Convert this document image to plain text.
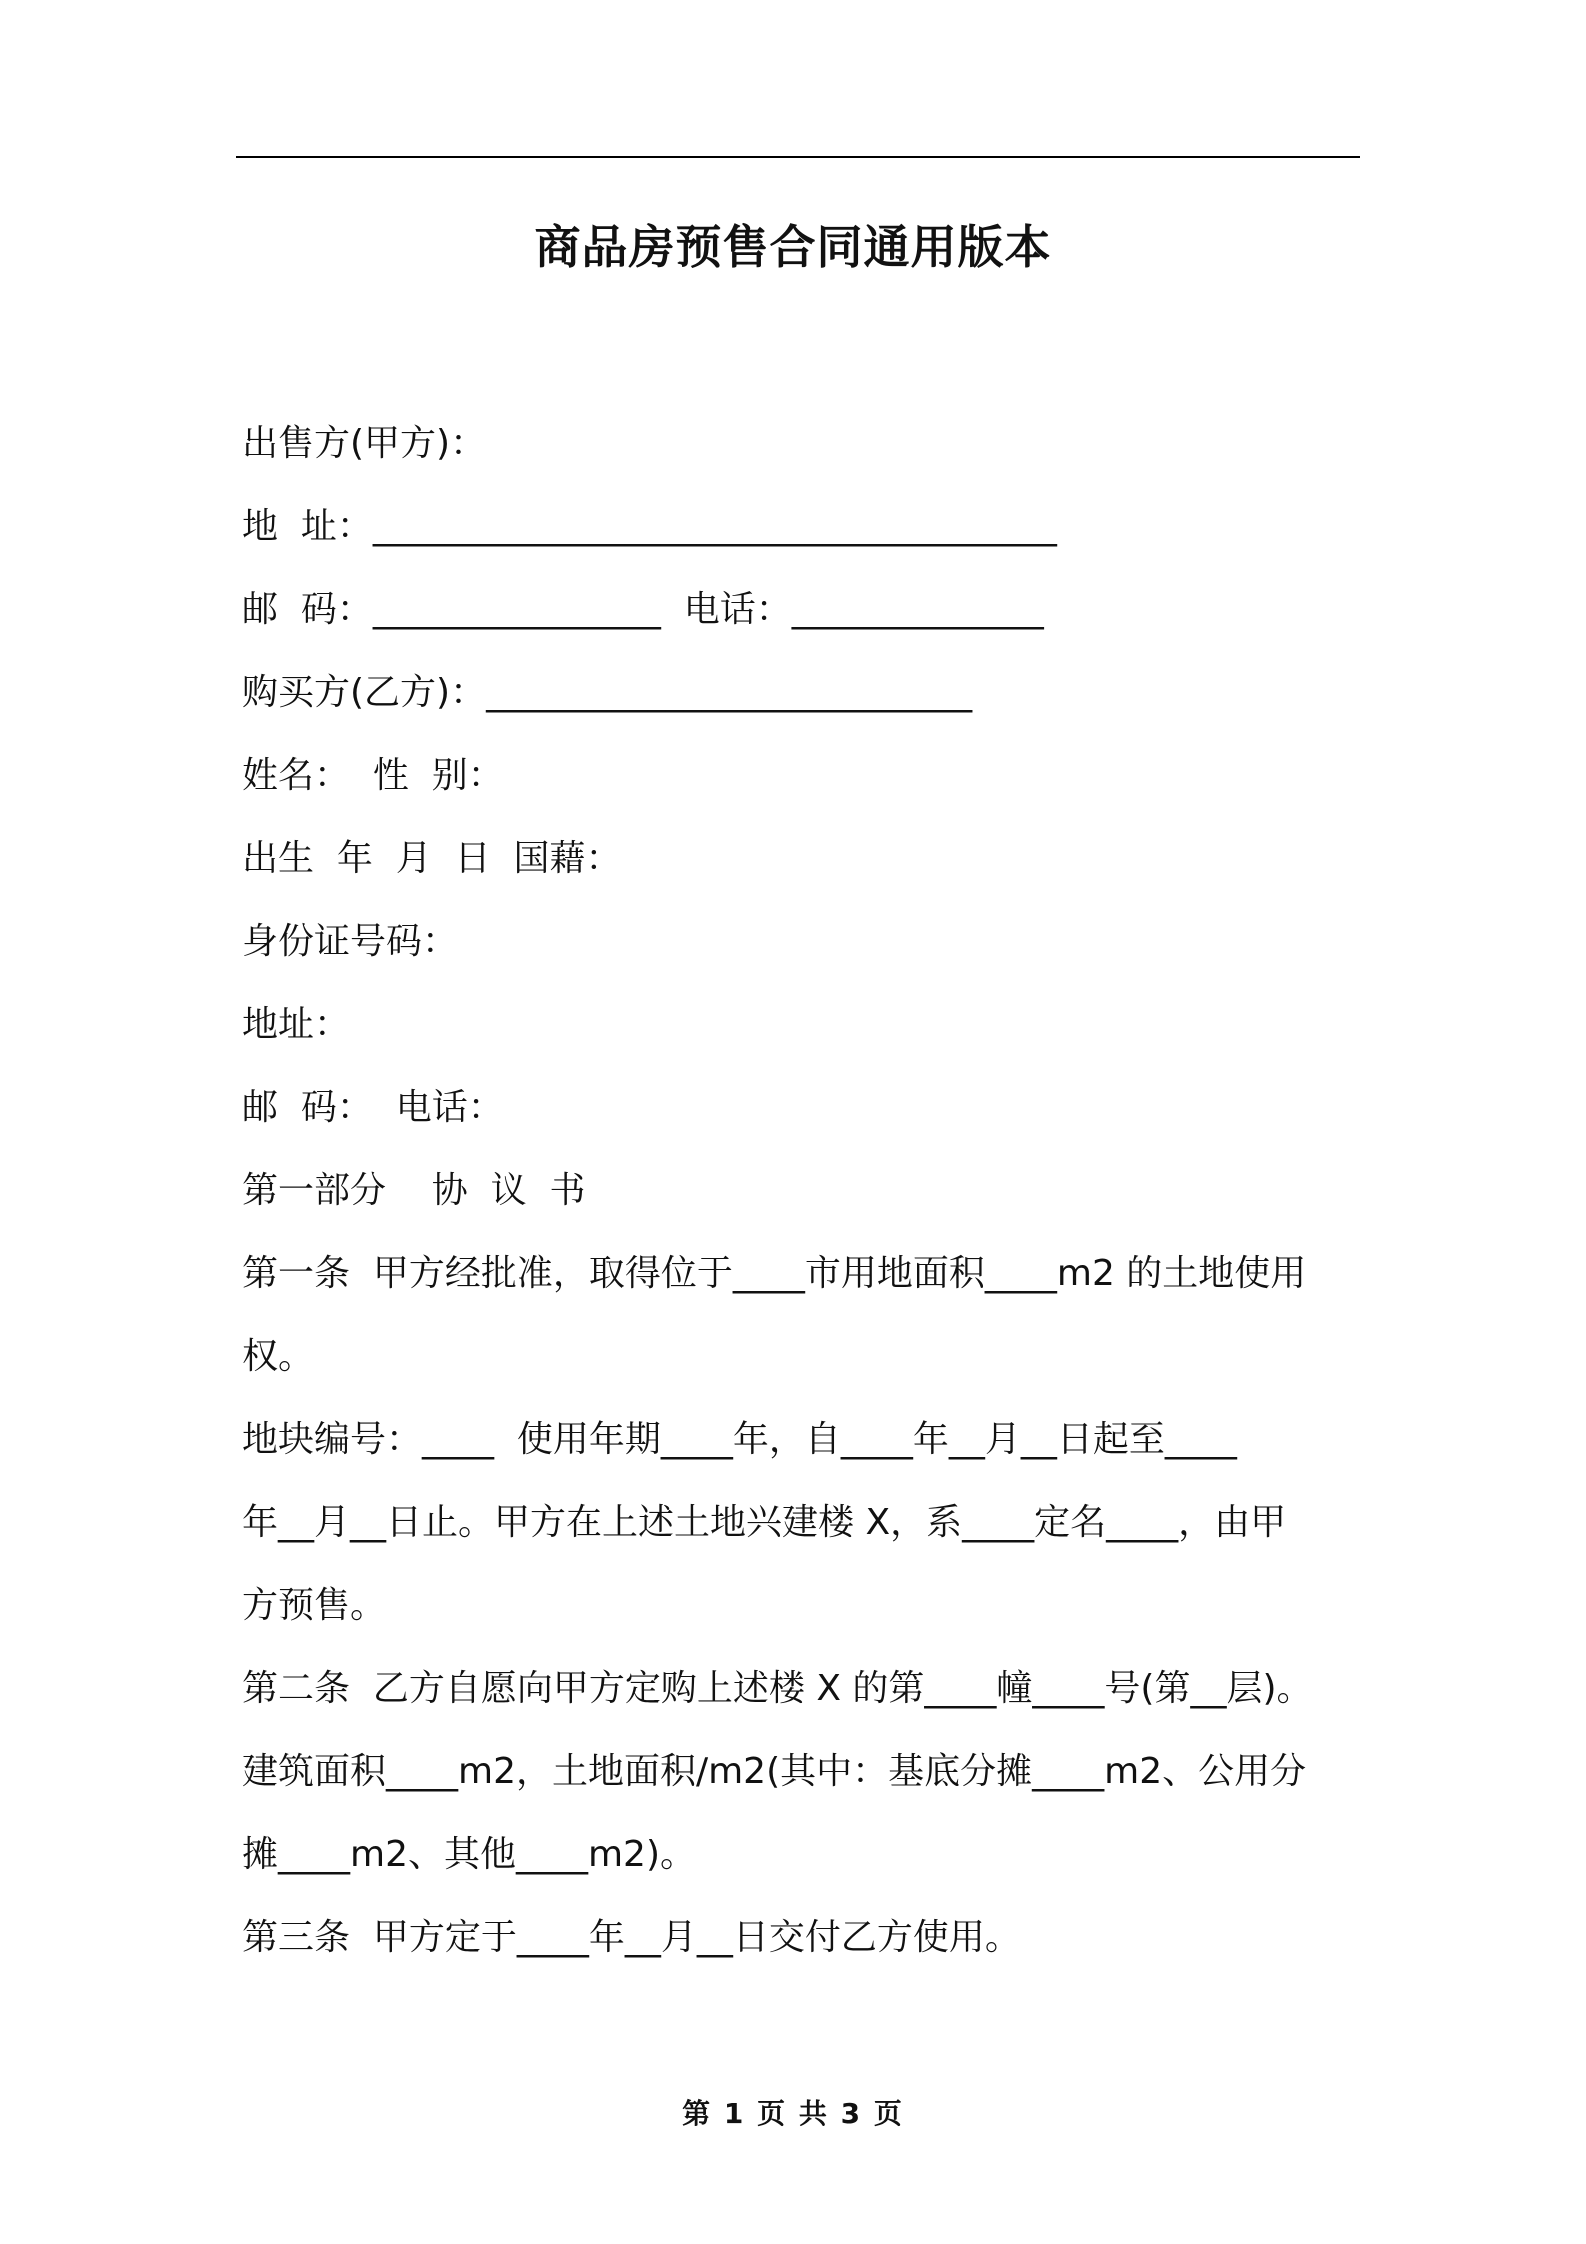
商品房预售合同通用版本

出售方(甲方)：

地  址：______________________________________

邮  码：________________  电话：______________

购买方(乙方)：___________________________

姓名：  性  别：

出生  年  月  日  国藉：

身份证号码：

地址：

邮  码：  电话：

第一部分    协  议  书

第一条  甲方经批准，取得位于____市用地面积____m2 的土地使用

权。

地块编号：____  使用年期____年，自____年__月__日起至____

年__月__日止。甲方在上述土地兴建楼 X，系____定名____，由甲

方预售。

第二条  乙方自愿向甲方定购上述楼 X 的第____幢____号(第__层)。

建筑面积____m2，土地面积/m2(其中：基底分摊____m2、公用分

摊____m2、其他____m2)。

第三条  甲方定于____年__月__日交付乙方使用。

第 1 页 共 3 页
